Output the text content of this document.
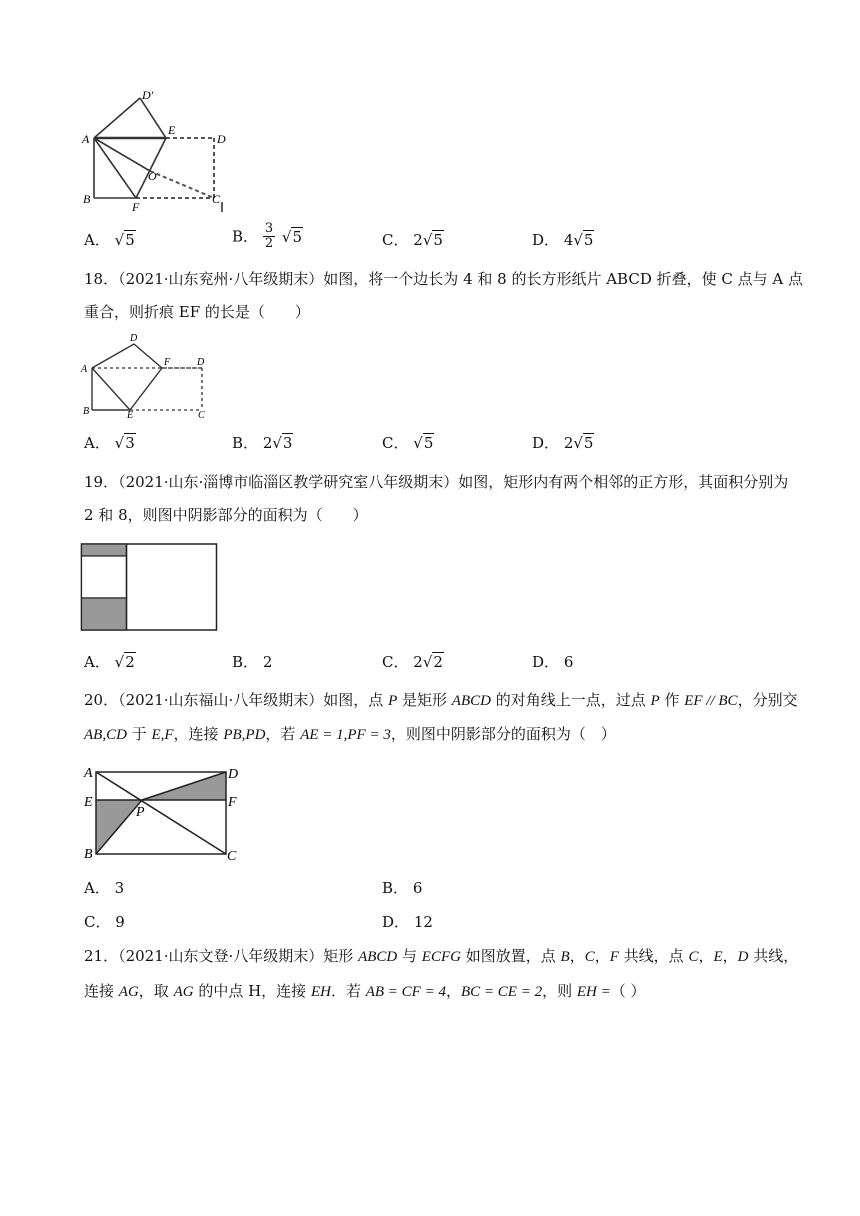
D'
A
E
D
O
B
F
C
A． √5	B． $\frac{3}{2} √5$	C． 2√5	D． 4√5
18．（2021·山东兖州·八年级期末）如图，将一个边长为 4 和 8 的长方形纸片 ABCD 折叠，使 C 点与 A 点
重合，则折痕 EF 的长是（　　）
A
D
F	D
B	E	C
A． √3	B． 2√3	C． √5	D． 2√5
19．（2021·山东·淄博市临淄区教学研究室八年级期末）如图，矩形内有两个相邻的正方形，其面积分别为
2 和 8，则图中阴影部分的面积为（　　）
A． √2	B． 2	C． 2√2	D． 6
20．（2021·山东福山·八年级期末）如图，点 P 是矩形 ABCD 的对角线上一点，过点 P 作 EF // BC，分别交
AB,CD 于 E,F，连接 PB,PD，若 AE = 1,PF = 3，则图中阴影部分的面积为（　）
A	D
E	F
P
B	C
A． 3	B． 6
C． 9	D． 12
21．（2021·山东文登·八年级期末）矩形 ABCD 与 ECFG 如图放置，点 B，C，F 共线，点 C，E，D 共线，
连接 AG，取 AG 的中点 H，连接 EH．若 AB = CF = 4，BC = CE = 2，则 EH =（ ）
